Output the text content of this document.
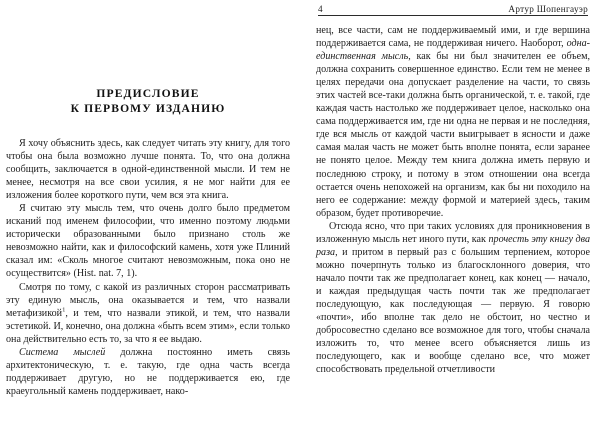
ПРЕДИСЛОВИЕ
К ПЕРВОМУ ИЗДАНИЮ

Я хочу объяснить здесь, как следует читать эту книгу, для того чтобы она была возможно лучше понята. То, что она должна сообщить, заключается в одной-единственной мысли. И тем не менее, несмотря на все свои усилия, я не мог найти для ее изложения более короткого пути, чем вся эта книга.

Я считаю эту мысль тем, что очень долго было предметом исканий под именем философии, что именно поэтому людьми исторически образованными было признано столь же невозможно найти, как и философский камень, хотя уже Плиний сказал им: «Сколь многое считают невозможным, пока оно не осуществится» (Hist. nat. 7, 1).

Смотря по тому, с какой из различных сторон рассматривать эту единую мысль, она оказывается и тем, что назвали метафизикой$^1$, и тем, что назвали этикой, и тем, что назвали эстетикой. И, конечно, она должна «быть всем этим», если только она действительно есть то, за что я ее выдаю.

Система мыслей должна постоянно иметь связь архитектоническую, т. е. такую, где одна часть всегда поддерживает другую, но не поддерживается ею, где краеугольный камень поддерживает, нако-

4	Артур Шопенгауэр

нец, все части, сам не поддерживаемый ими, и где вершина поддерживается сама, не поддерживая ничего. Наоборот, одна-единственная мысль, как бы ни был значителен ее объем, должна сохранить совершенное единство. Если тем не менее в целях передачи она допускает разделение на части, то связь этих частей все-таки должна быть органической, т. е. такой, где каждая часть настолько же поддерживает целое, насколько она сама поддерживается им, где ни одна не первая и не последняя, где вся мысль от каждой части выигрывает в ясности и даже самая малая часть не может быть вполне понята, если заранее не понято целое. Между тем книга должна иметь первую и последнюю строку, и потому в этом отношении она всегда остается очень непохожей на организм, как бы ни походило на него ее содержание: между формой и материей здесь, таким образом, будет противоречие.

Отсюда ясно, что при таких условиях для проникновения в изложенную мысль нет иного пути, как прочесть эту книгу два раза, и притом в первый раз с большим терпением, которое можно почерпнуть только из благосклонного доверия, что начало почти так же предполагает конец, как конец — начало, и каждая предыдущая часть почти так же предполагает последующую, как последующая — первую. Я говорю «почти», ибо вполне так дело не обстоит, но честно и добросовестно сделано все возможное для того, чтобы сначала изложить то, что менее всего объясняется лишь из последующего, как и вообще сделано все, что может способствовать предельной отчетливости
